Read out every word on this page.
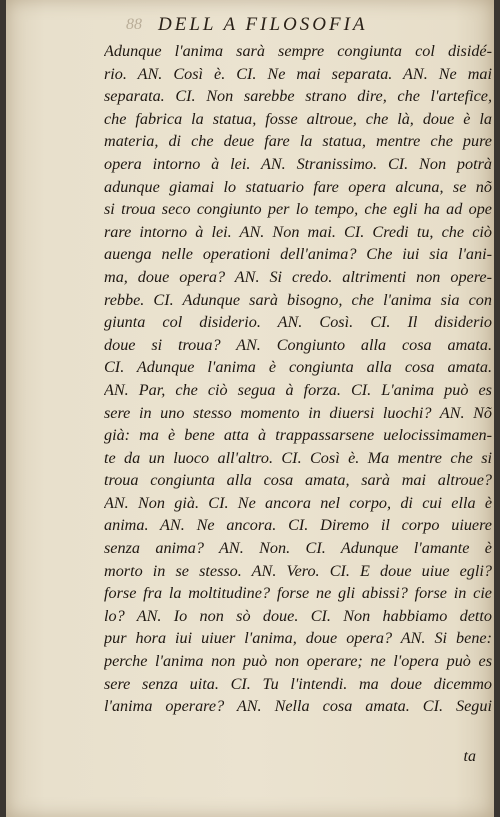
88 DELL A FILOSOFIA
Adunque l'anima sarà sempre congiunta col disidé-
rio. AN. Così è. CI. Ne mai separata. AN. Ne mai
separata. CI. Non sarebbe strano dire, che l'artefice,
che fabrica la statua, fosse altroue, che là, doue è la
materia, di che deue fare la statua, mentre che pure
opera intorno à lei. AN. Stranissimo. CI. Non potrà
adunque giamai lo statuario fare opera alcuna, se nõ
si troua seco congiunto per lo tempo, che egli ha ad ope
rare intorno à lei. AN. Non mai. CI. Credi tu, che ciò
auenga nelle operationi dell'anima? Che iui sia l'ani-
ma, doue opera? AN. Si credo. altrimenti non opere-
rebbe. CI. Adunque sarà bisogno, che l'anima sia con
giunta col disiderio. AN. Così. CI. Il disiderio
doue si troua? AN. Congiunto alla cosa amata.
CI. Adunque l'anima è congiunta alla cosa amata.
AN. Par, che ciò segua à forza. CI. L'anima può es
sere in uno stesso momento in diuersi luochi? AN. Nõ
già: ma è bene atta à trappassarsene uelocissimamen-
te da un luoco all'altro. CI. Così è. Ma mentre che si
troua congiunta alla cosa amata, sarà mai altroue?
AN. Non già. CI. Ne ancora nel corpo, di cui ella è
anima. AN. Ne ancora. CI. Diremo il corpo uiuere
senza anima? AN. Non. CI. Adunque l'amante è
morto in se stesso. AN. Vero. CI. E doue uiue egli?
forse fra la moltitudine? forse ne gli abissi? forse in cie
lo? AN. Io non sò doue. CI. Non habbiamo detto
pur hora iui uiuer l'anima, doue opera? AN. Si bene:
perche l'anima non può non operare; ne l'opera può es
sere senza uita. CI. Tu l'intendi. ma doue dicemmo
l'anima operare? AN. Nella cosa amata. CI. Segui
ta
